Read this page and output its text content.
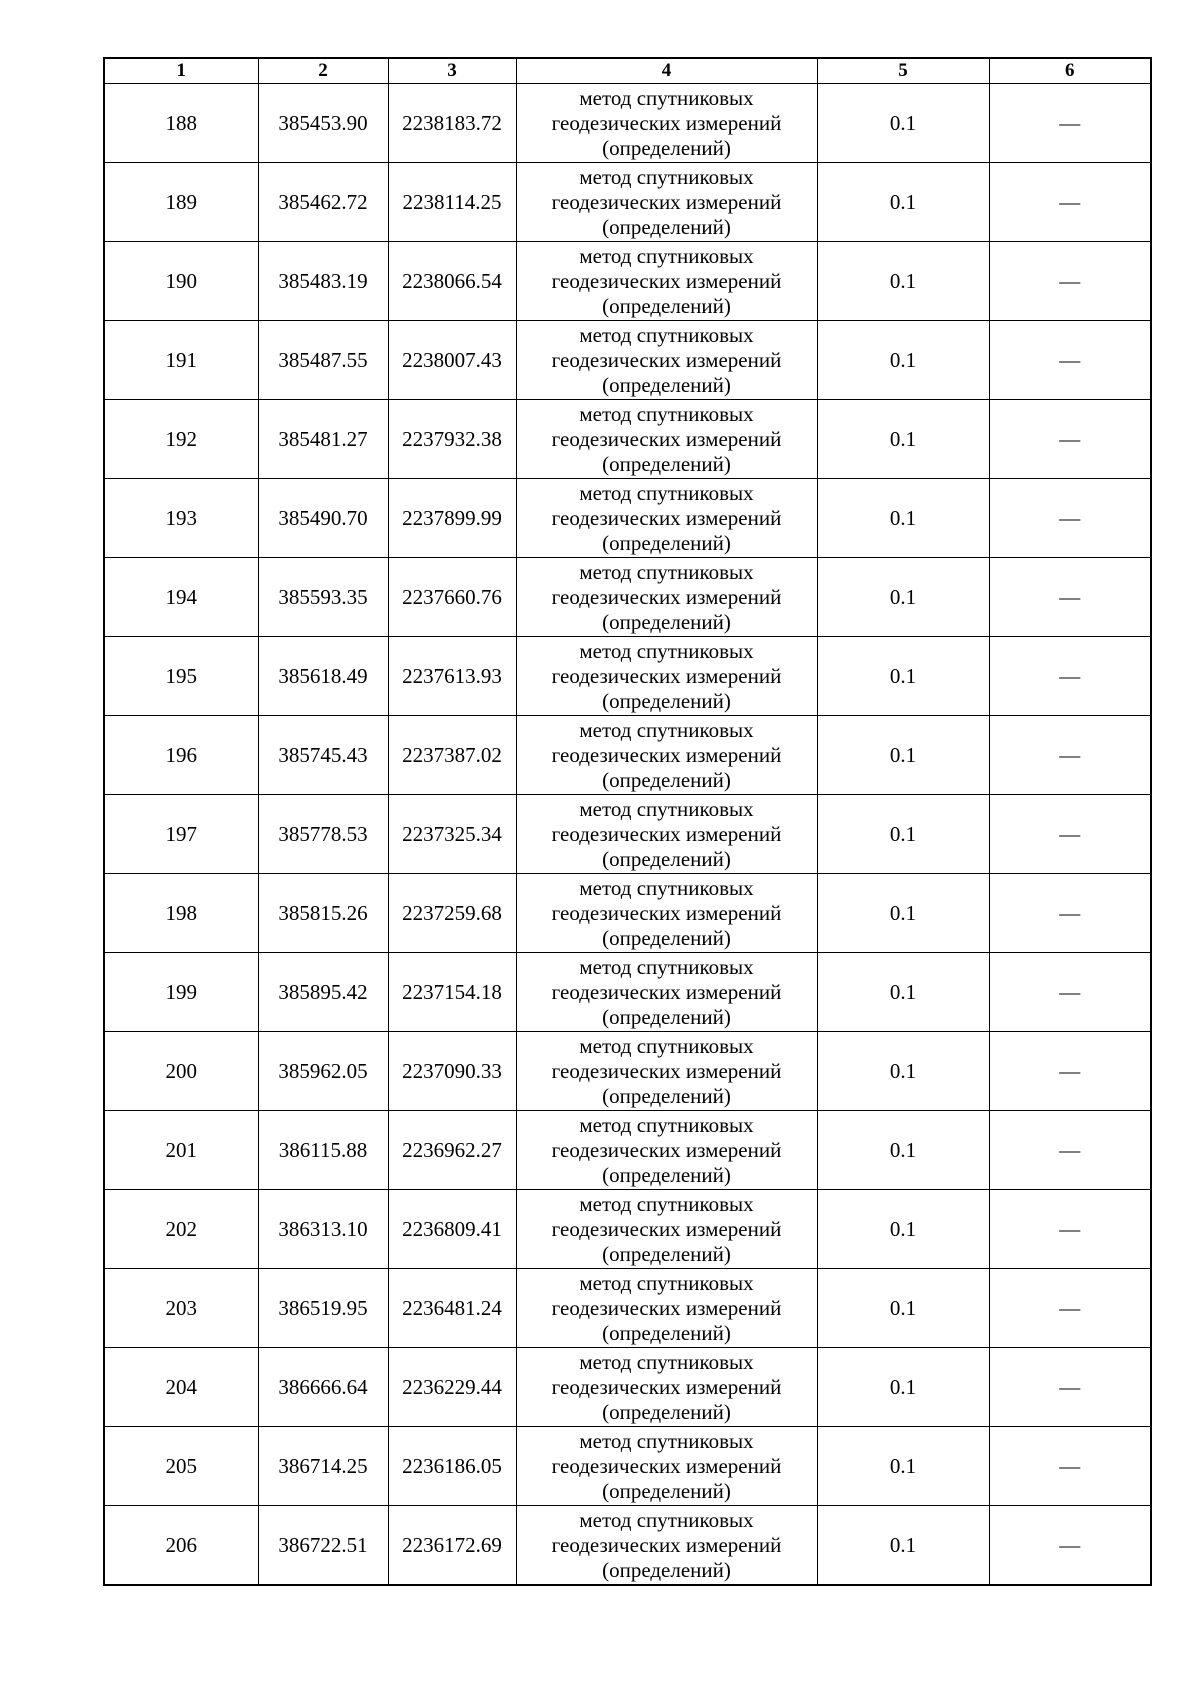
1	2	3	4	5	6
188	385453.90	2238183.72	метод спутниковых
геодезических измерений
(определений)	0.1	—
189	385462.72	2238114.25	метод спутниковых
геодезических измерений
(определений)	0.1	—
190	385483.19	2238066.54	метод спутниковых
геодезических измерений
(определений)	0.1	—
191	385487.55	2238007.43	метод спутниковых
геодезических измерений
(определений)	0.1	—
192	385481.27	2237932.38	метод спутниковых
геодезических измерений
(определений)	0.1	—
193	385490.70	2237899.99	метод спутниковых
геодезических измерений
(определений)	0.1	—
194	385593.35	2237660.76	метод спутниковых
геодезических измерений
(определений)	0.1	—
195	385618.49	2237613.93	метод спутниковых
геодезических измерений
(определений)	0.1	—
196	385745.43	2237387.02	метод спутниковых
геодезических измерений
(определений)	0.1	—
197	385778.53	2237325.34	метод спутниковых
геодезических измерений
(определений)	0.1	—
198	385815.26	2237259.68	метод спутниковых
геодезических измерений
(определений)	0.1	—
199	385895.42	2237154.18	метод спутниковых
геодезических измерений
(определений)	0.1	—
200	385962.05	2237090.33	метод спутниковых
геодезических измерений
(определений)	0.1	—
201	386115.88	2236962.27	метод спутниковых
геодезических измерений
(определений)	0.1	—
202	386313.10	2236809.41	метод спутниковых
геодезических измерений
(определений)	0.1	—
203	386519.95	2236481.24	метод спутниковых
геодезических измерений
(определений)	0.1	—
204	386666.64	2236229.44	метод спутниковых
геодезических измерений
(определений)	0.1	—
205	386714.25	2236186.05	метод спутниковых
геодезических измерений
(определений)	0.1	—
206	386722.51	2236172.69	метод спутниковых
геодезических измерений
(определений)	0.1	—
